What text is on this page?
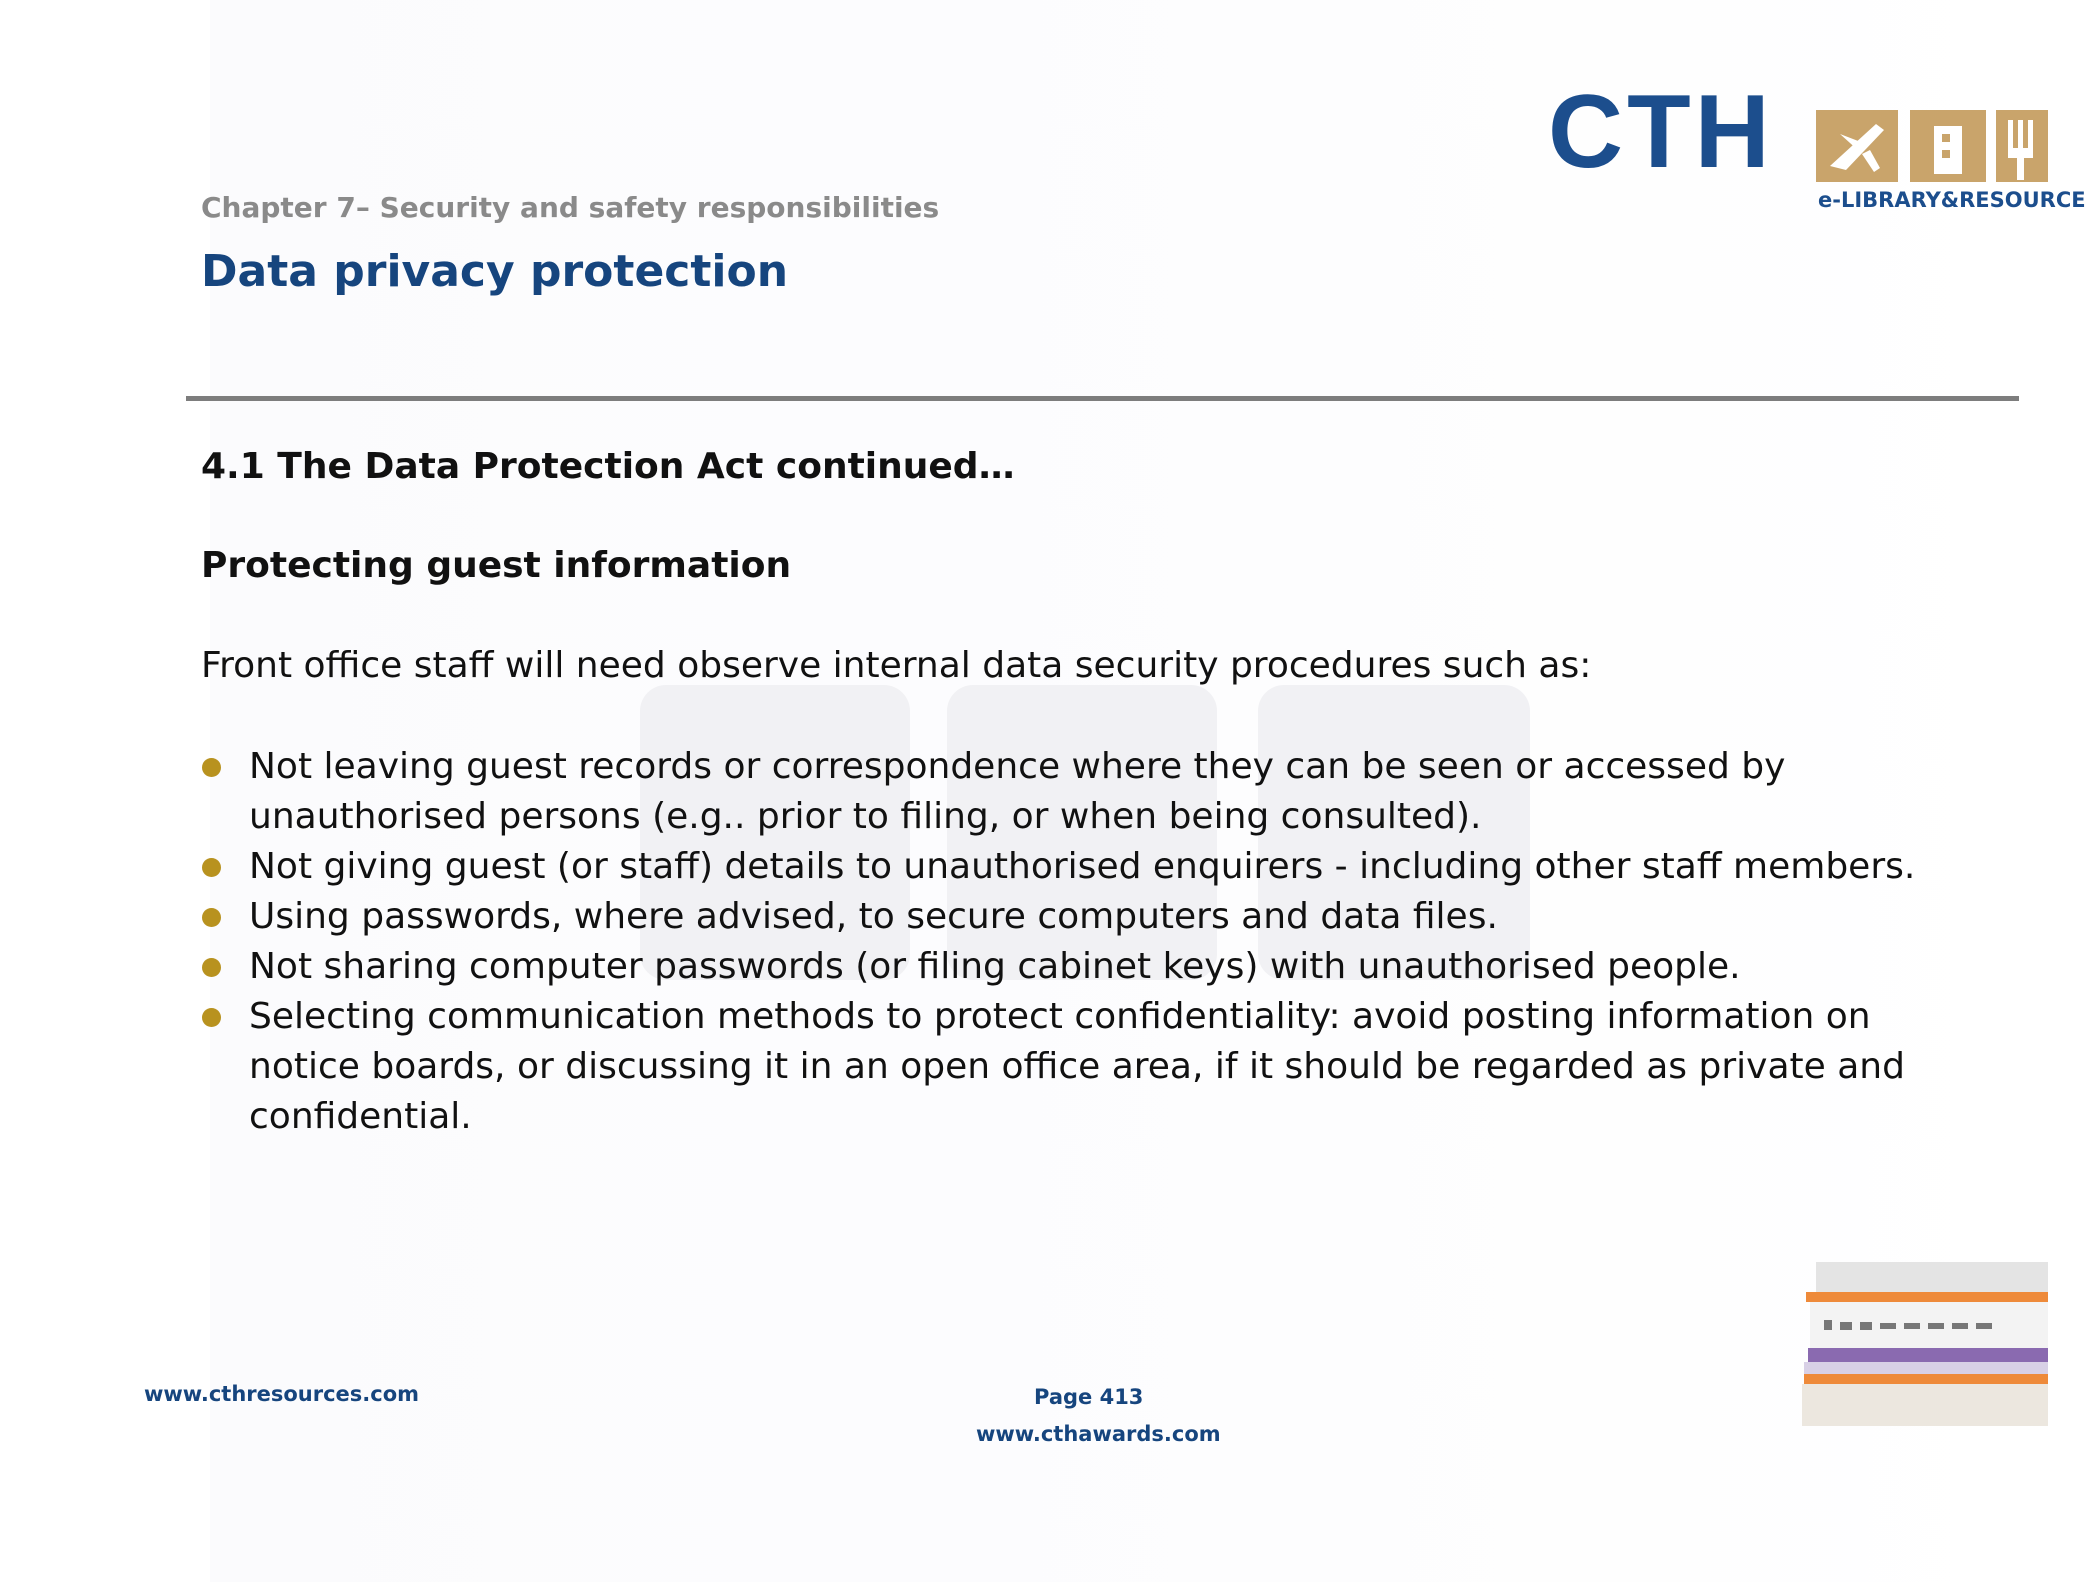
CTH
e-LIBRARY&RESOURCE
Chapter 7– Security and safety responsibilities
Data privacy protection
4.1 The Data Protection Act continued…
Protecting guest information
Front office staff will need observe internal data security procedures such as:
Not leaving guest records or correspondence where they can be seen or accessed by unauthorised persons (e.g.. prior to filing, or when being consulted).
Not giving guest (or staff) details to unauthorised enquirers - including other staff members.
Using passwords, where advised, to secure computers and data files.
Not sharing computer passwords (or filing cabinet keys) with unauthorised people.
Selecting communication methods to protect confidentiality: avoid posting information on notice boards, or discussing it in an open office area, if it should be regarded as private and confidential.
www.cthresources.com	Page 413
www.cthawards.com
